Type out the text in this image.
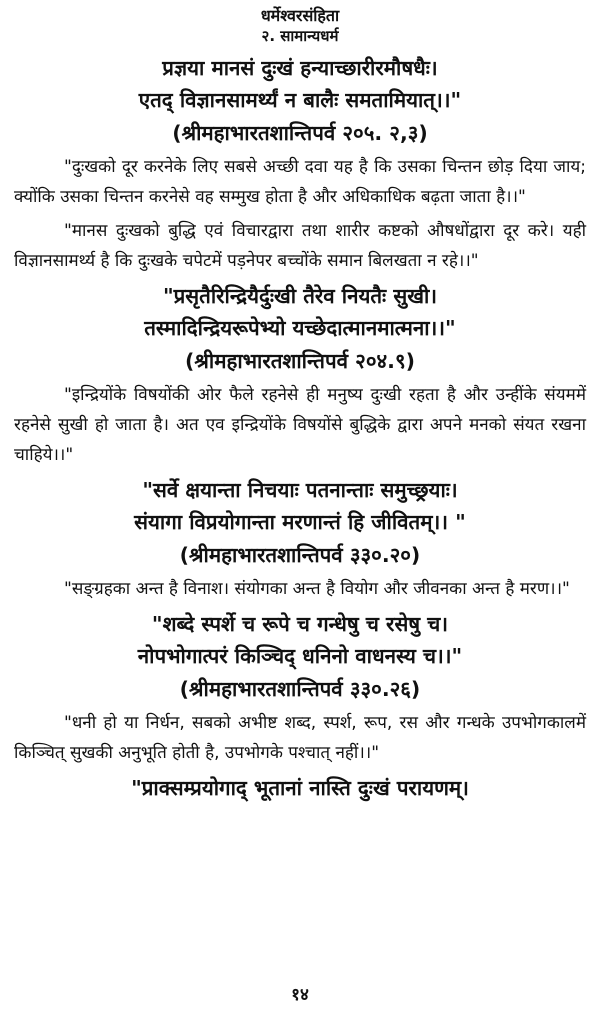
धर्मेश्वरसंहिता
२. सामान्यधर्म
प्रज्ञया मानसं दुःखं हन्याच्छारीरमौषधैः।
एतद् विज्ञानसामर्थ्यं न बालैः समतामियात्।।"
(श्रीमहाभारतशान्तिपर्व २०५. २,३)

"दुःखको दूर करनेके लिए सबसे अच्छी दवा यह है कि उसका चिन्तन छोड़ दिया जाय; क्योंकि उसका चिन्तन करनेसे वह सम्मुख होता है और अधिकाधिक बढ़ता जाता है।।"

"मानस दुःखको बुद्धि एवं विचारद्वारा तथा शारीर कष्टको औषधोंद्वारा दूर करे। यही विज्ञानसामर्थ्य है कि दुःखके चपेटमें पड़नेपर बच्चोंके समान बिलखता न रहे।।"

"प्रसृतैरिन्द्रियैर्दुःखी तैरेव नियतैः सुखी।
तस्मादिन्द्रियरूपेभ्यो यच्छेदात्मानमात्मना।।"
(श्रीमहाभारतशान्तिपर्व २०४.९)

"इन्द्रियोंके विषयोंकी ओर फैले रहनेसे ही मनुष्य दुःखी रहता है और उन्हींके संयममें रहनेसे सुखी हो जाता है। अत एव इन्द्रियोंके विषयोंसे बुद्धिके द्वारा अपने मनको संयत रखना चाहिये।।"

"सर्वे क्षयान्ता निचयाः पतनान्ताः समुच्छ्रयाः।
संयागा विप्रयोगान्ता मरणान्तं हि जीवितम्।। "
(श्रीमहाभारतशान्तिपर्व ३३०.२०)

"सङ्ग्रहका अन्त है विनाश। संयोगका अन्त है वियोग और जीवनका अन्त है मरण।।"

"शब्दे स्पर्शे च रूपे च गन्धेषु च रसेषु च।
नोपभोगात्परं किञ्चिद् धनिनो वाधनस्य च।।"
(श्रीमहाभारतशान्तिपर्व ३३०.२६)

"धनी हो या निर्धन, सबको अभीष्ट शब्द, स्पर्श, रूप, रस और गन्धके उपभोगकालमें किञ्चित् सुखकी अनुभूति होती है, उपभोगके पश्चात् नहीं।।"

"प्राक्सम्प्रयोगाद् भूतानां नास्ति दुःखं परायणम्।
१४
